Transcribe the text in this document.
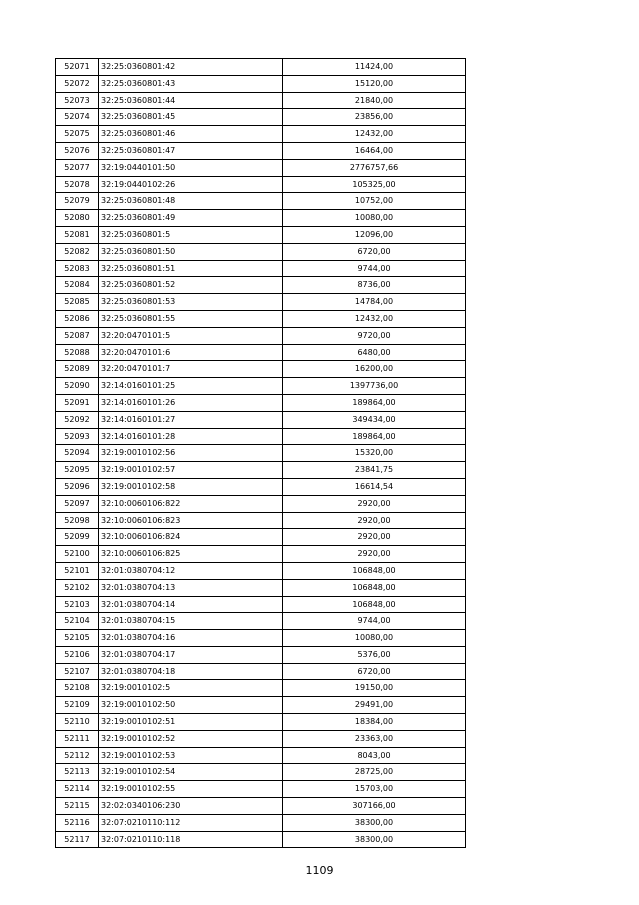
52071	32:25:0360801:42	11424,00
52072	32:25:0360801:43	15120,00
52073	32:25:0360801:44	21840,00
52074	32:25:0360801:45	23856,00
52075	32:25:0360801:46	12432,00
52076	32:25:0360801:47	16464,00
52077	32:19:0440101:50	2776757,66
52078	32:19:0440102:26	105325,00
52079	32:25:0360801:48	10752,00
52080	32:25:0360801:49	10080,00
52081	32:25:0360801:5	12096,00
52082	32:25:0360801:50	6720,00
52083	32:25:0360801:51	9744,00
52084	32:25:0360801:52	8736,00
52085	32:25:0360801:53	14784,00
52086	32:25:0360801:55	12432,00
52087	32:20:0470101:5	9720,00
52088	32:20:0470101:6	6480,00
52089	32:20:0470101:7	16200,00
52090	32:14:0160101:25	1397736,00
52091	32:14:0160101:26	189864,00
52092	32:14:0160101:27	349434,00
52093	32:14:0160101:28	189864,00
52094	32:19:0010102:56	15320,00
52095	32:19:0010102:57	23841,75
52096	32:19:0010102:58	16614,54
52097	32:10:0060106:822	2920,00
52098	32:10:0060106:823	2920,00
52099	32:10:0060106:824	2920,00
52100	32:10:0060106:825	2920,00
52101	32:01:0380704:12	106848,00
52102	32:01:0380704:13	106848,00
52103	32:01:0380704:14	106848,00
52104	32:01:0380704:15	9744,00
52105	32:01:0380704:16	10080,00
52106	32:01:0380704:17	5376,00
52107	32:01:0380704:18	6720,00
52108	32:19:0010102:5	19150,00
52109	32:19:0010102:50	29491,00
52110	32:19:0010102:51	18384,00
52111	32:19:0010102:52	23363,00
52112	32:19:0010102:53	8043,00
52113	32:19:0010102:54	28725,00
52114	32:19:0010102:55	15703,00
52115	32:02:0340106:230	307166,00
52116	32:07:0210110:112	38300,00
52117	32:07:0210110:118	38300,00
1109
